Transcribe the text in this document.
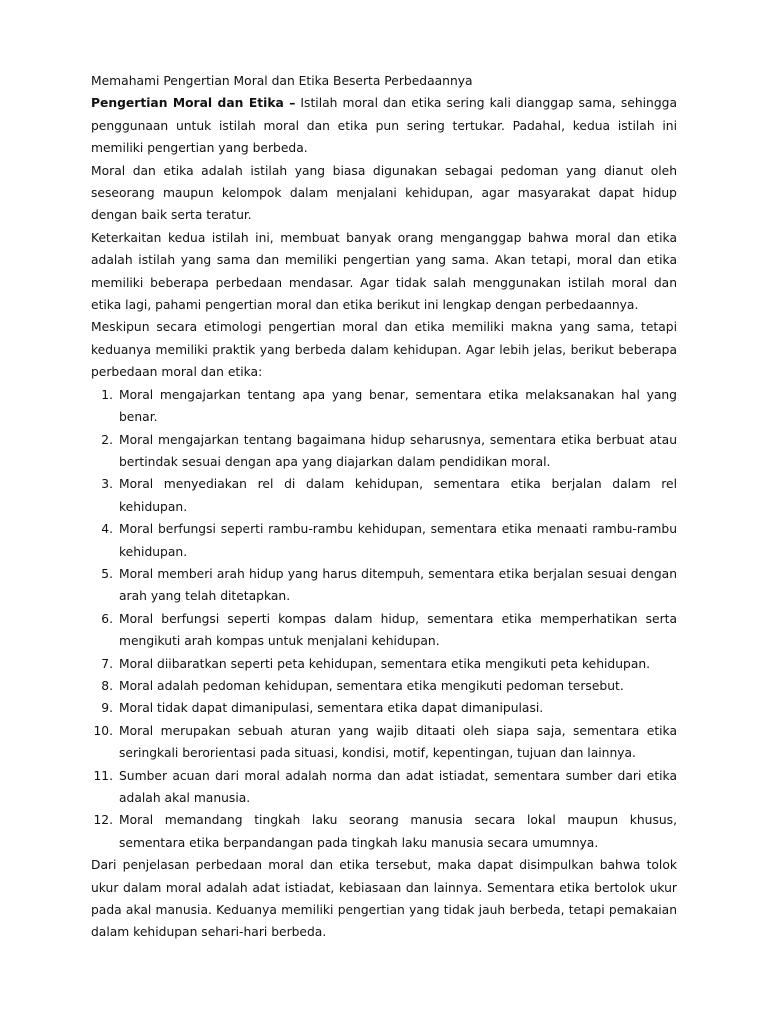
Memahami Pengertian Moral dan Etika Beserta Perbedaannya

Pengertian Moral dan Etika – Istilah moral dan etika sering kali dianggap sama, sehingga penggunaan untuk istilah moral dan etika pun sering tertukar. Padahal, kedua istilah ini memiliki pengertian yang berbeda.

Moral dan etika adalah istilah yang biasa digunakan sebagai pedoman yang dianut oleh seseorang maupun kelompok dalam menjalani kehidupan, agar masyarakat dapat hidup dengan baik serta teratur.

Keterkaitan kedua istilah ini, membuat banyak orang menganggap bahwa moral dan etika adalah istilah yang sama dan memiliki pengertian yang sama. Akan tetapi, moral dan etika memiliki beberapa perbedaan mendasar. Agar tidak salah menggunakan istilah moral dan etika lagi, pahami pengertian moral dan etika berikut ini lengkap dengan perbedaannya.

Meskipun secara etimologi pengertian moral dan etika memiliki makna yang sama, tetapi keduanya memiliki praktik yang berbeda dalam kehidupan. Agar lebih jelas, berikut beberapa perbedaan moral dan etika:

1. Moral mengajarkan tentang apa yang benar, sementara etika melaksanakan hal yang benar.
2. Moral mengajarkan tentang bagaimana hidup seharusnya, sementara etika berbuat atau bertindak sesuai dengan apa yang diajarkan dalam pendidikan moral.
3. Moral menyediakan rel di dalam kehidupan, sementara etika berjalan dalam rel kehidupan.
4. Moral berfungsi seperti rambu-rambu kehidupan, sementara etika menaati rambu-rambu kehidupan.
5. Moral memberi arah hidup yang harus ditempuh, sementara etika berjalan sesuai dengan arah yang telah ditetapkan.
6. Moral berfungsi seperti kompas dalam hidup, sementara etika memperhatikan serta mengikuti arah kompas untuk menjalani kehidupan.
7. Moral diibaratkan seperti peta kehidupan, sementara etika mengikuti peta kehidupan.
8. Moral adalah pedoman kehidupan, sementara etika mengikuti pedoman tersebut.
9. Moral tidak dapat dimanipulasi, sementara etika dapat dimanipulasi.
10. Moral merupakan sebuah aturan yang wajib ditaati oleh siapa saja, sementara etika seringkali berorientasi pada situasi, kondisi, motif, kepentingan, tujuan dan lainnya.
11. Sumber acuan dari moral adalah norma dan adat istiadat, sementara sumber dari etika adalah akal manusia.
12. Moral memandang tingkah laku seorang manusia secara lokal maupun khusus, sementara etika berpandangan pada tingkah laku manusia secara umumnya.

Dari penjelasan perbedaan moral dan etika tersebut, maka dapat disimpulkan bahwa tolok ukur dalam moral adalah adat istiadat, kebiasaan dan lainnya. Sementara etika bertolok ukur pada akal manusia. Keduanya memiliki pengertian yang tidak jauh berbeda, tetapi pemakaian dalam kehidupan sehari-hari berbeda.
